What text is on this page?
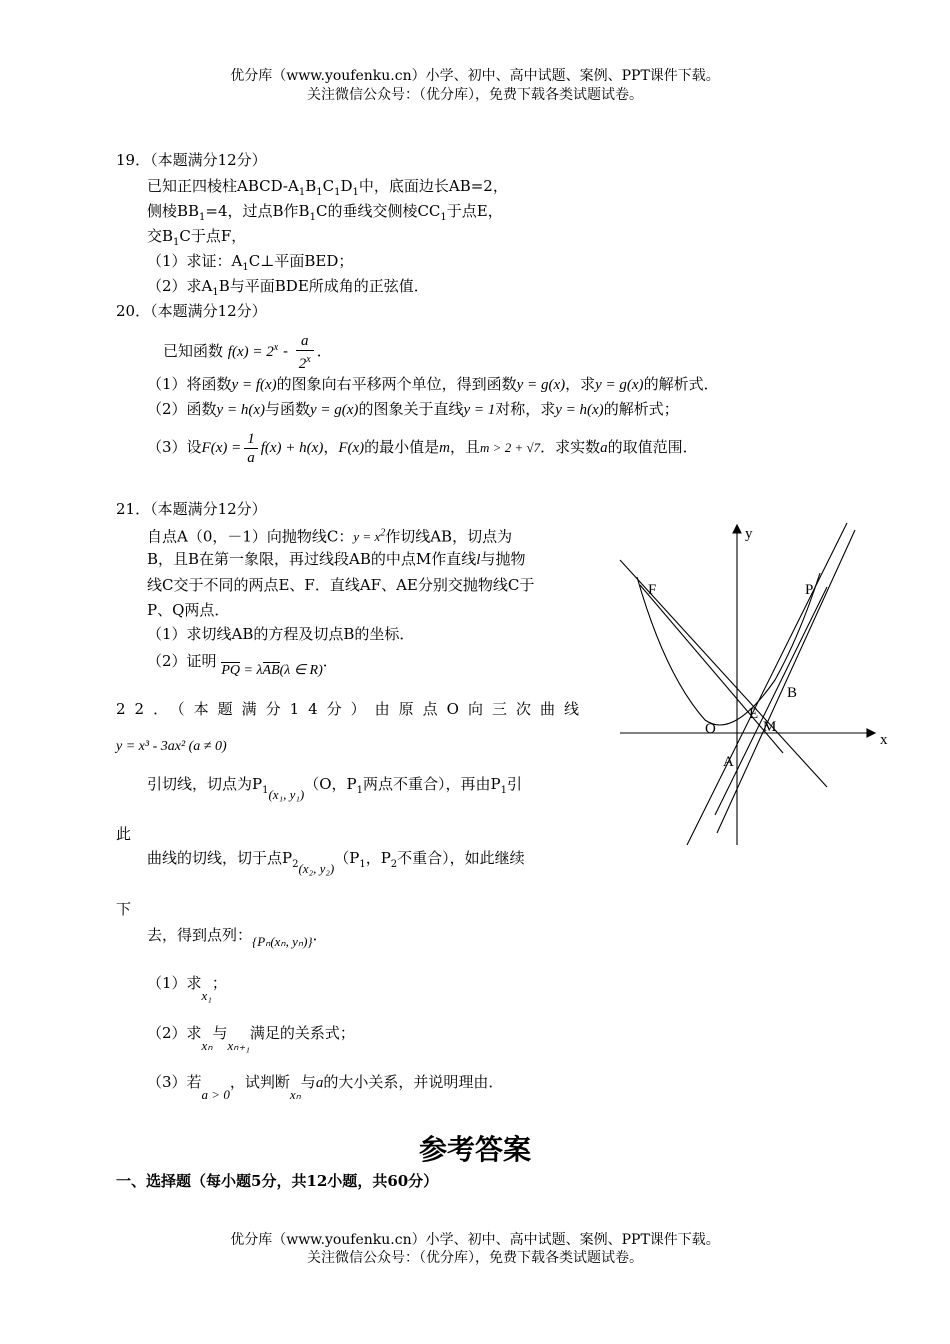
优分库（www.youfenku.cn）小学、初中、高中试题、案例、PPT课件下载。
关注微信公众号：（优分库），免费下载各类试题试卷。
19．（本题满分12分）
已知正四棱柱ABCD-$A_1B_1C_1D_1$中，底面边长AB=2，
侧棱$BB_1=4$，过点B作$B_1C$的垂线交侧棱$CC_1$于点E，
交$B_1C$于点F，
（1）求证：$A_1C\perp$平面BED；
（2）求$A_1B$与平面BDE所成角的正弦值．
20．（本题满分12分）
已知函数 $f(x) = 2^x - \frac{a}{2^x}$ ．
（1）将函数y = f(x)的图象向右平移两个单位，得到函数y = g(x)，求y = g(x)的解析式．
（2）函数y = h(x)与函数y = g(x)的图象关于直线y = 1对称，求y = h(x)的解析式；
（3）设$F(x) = \frac{1}{a} f(x) + h(x)$，F(x)的最小值是m，且m > 2 + √7．求实数a的取值范围．
21．（本题满分12分）
自点A（0，－1）向抛物线C：$y = x^2$作切线AB，切点为
B，且B在第一象限，再过线段AB的中点M作直线l与抛物
线C交于不同的两点E、F．直线AF、AE分别交抛物线C于
P、Q两点．
（1）求切线AB的方程及切点B的坐标．
（2）证明 PQ = λAB(λ ∈ R)．
22．（本题满分14分）由原点O向三次曲线
y = x³ - 3ax² (a ≠ 0)
引切线，切点为$P_1(x_1$, y₁)（O，$P_1$两点不重合），再由$P_1$引
此
曲线的切线，切于点$P_2(x_2$, $y_2)(P_1$，$P_2$不重合），如此继续
下
去，得到点列：{Pₙ(xₙ, yₙ)}．
（1）求x₁；
（2）求xₙ与xₙ₊₁满足的关系式；
（3）若a > 0，试判断xₙ与a的大小关系，并说明理由．
参考答案
一、选择题（每小题5分，共12小题，共60分）
优分库（www.youfenku.cn）小学、初中、高中试题、案例、PPT课件下载。
关注微信公众号：（优分库），免费下载各类试题试卷。
y
x
F	P
B
E
O	M
A
